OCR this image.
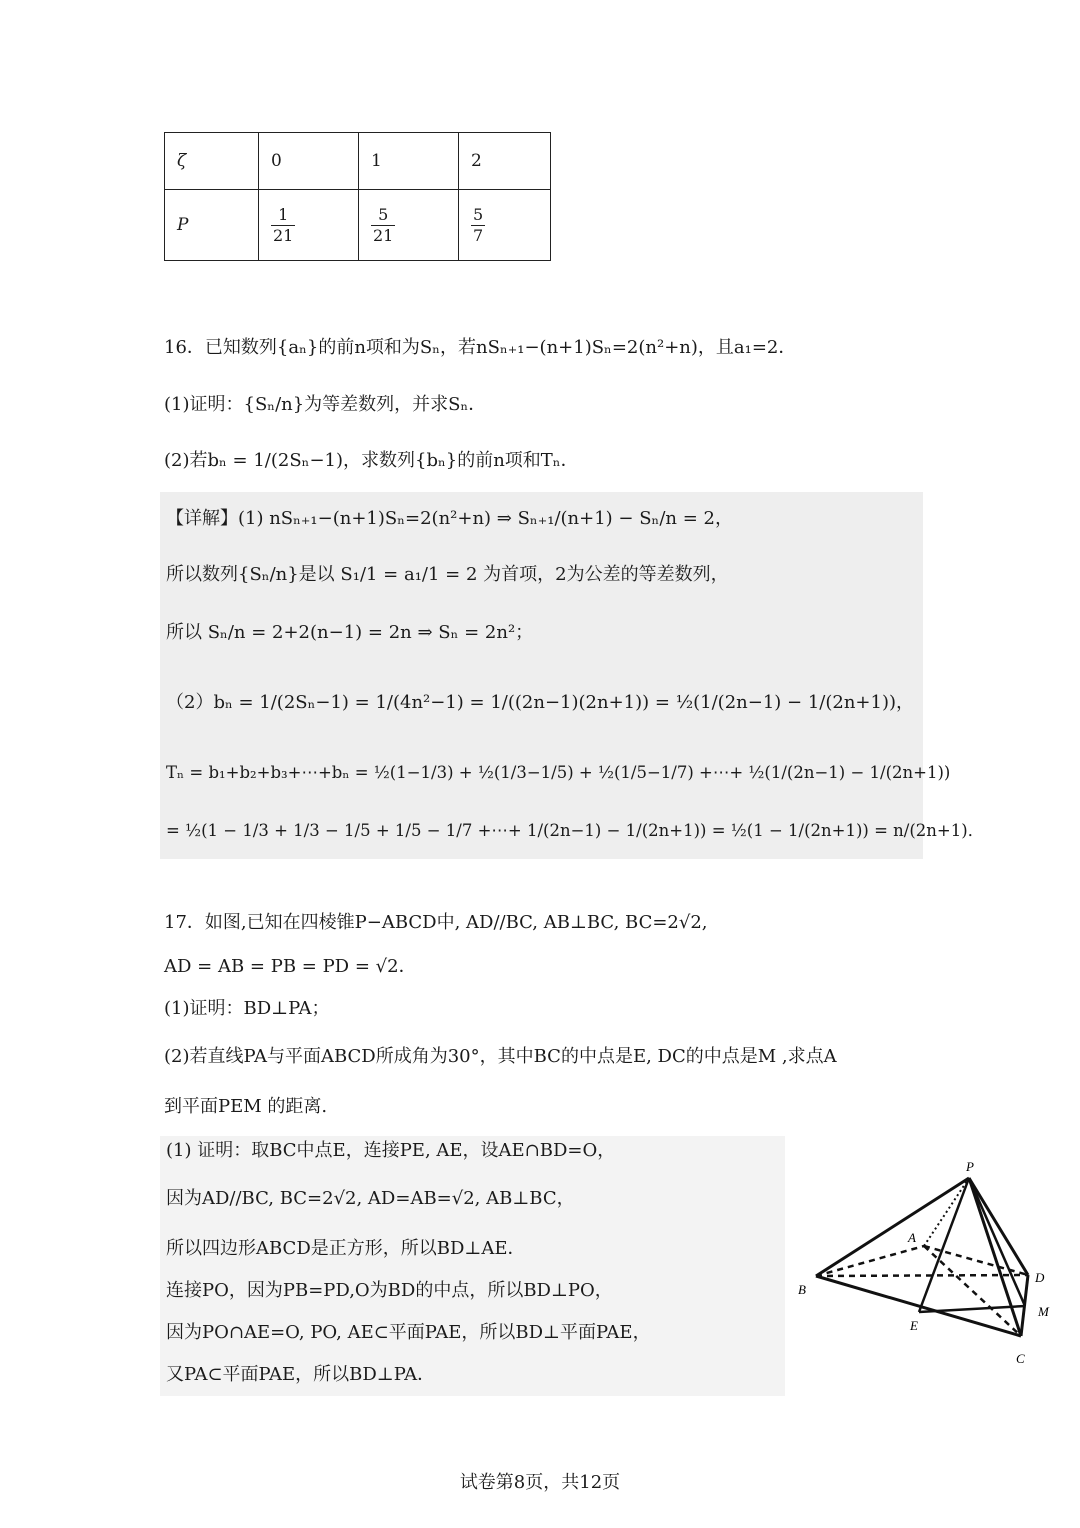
ζ	0	1	2
P	$\frac{1}{21}$	$\frac{5}{21}$	$\frac{5}{7}$
16．已知数列{aₙ}的前n项和为Sₙ，若nSₙ₊₁−(n+1)Sₙ=2(n²+n)，且a₁=2．
(1)证明：{Sₙ/n}为等差数列，并求Sₙ．
(2)若bₙ = 1/(2Sₙ−1)，求数列{bₙ}的前n项和Tₙ．
【详解】(1) nSₙ₊₁−(n+1)Sₙ=2(n²+n) ⇒ Sₙ₊₁/(n+1) − Sₙ/n = 2，
所以数列{Sₙ/n}是以 S₁/1 = a₁/1 = 2 为首项，2为公差的等差数列，
所以 Sₙ/n = 2+2(n−1) = 2n ⇒ Sₙ = 2n²；
（2）bₙ = 1/(2Sₙ−1) = 1/(4n²−1) = 1/((2n−1)(2n+1)) = ½(1/(2n−1) − 1/(2n+1))，
Tₙ = b₁+b₂+b₃+⋯+bₙ = ½(1−1/3) + ½(1/3−1/5) + ½(1/5−1/7) +⋯+ ½(1/(2n−1) − 1/(2n+1))
= ½(1 − 1/3 + 1/3 − 1/5 + 1/5 − 1/7 +⋯+ 1/(2n−1) − 1/(2n+1)) = ½(1 − 1/(2n+1)) = n/(2n+1)．
17．如图,已知在四棱锥P−ABCD中, AD//BC, AB⊥BC, BC=2√2,
AD = AB = PB = PD = √2．
(1)证明：BD⊥PA；
(2)若直线PA与平面ABCD所成角为30°，其中BC的中点是E, DC的中点是M ,求点A
到平面PEM 的距离.
(1) 证明：取BC中点E，连接PE, AE，设AE∩BD=O，
因为AD//BC, BC=2√2, AD=AB=√2, AB⊥BC，
所以四边形ABCD是正方形，所以BD⊥AE．
连接PO，因为PB=PD,O为BD的中点，所以BD⊥PO，
因为PO∩AE=O, PO, AE⊂平面PAE，所以BD⊥平面PAE，
又PA⊂平面PAE，所以BD⊥PA．
P
A
B
D
M
E
C
试卷第8页，共12页
